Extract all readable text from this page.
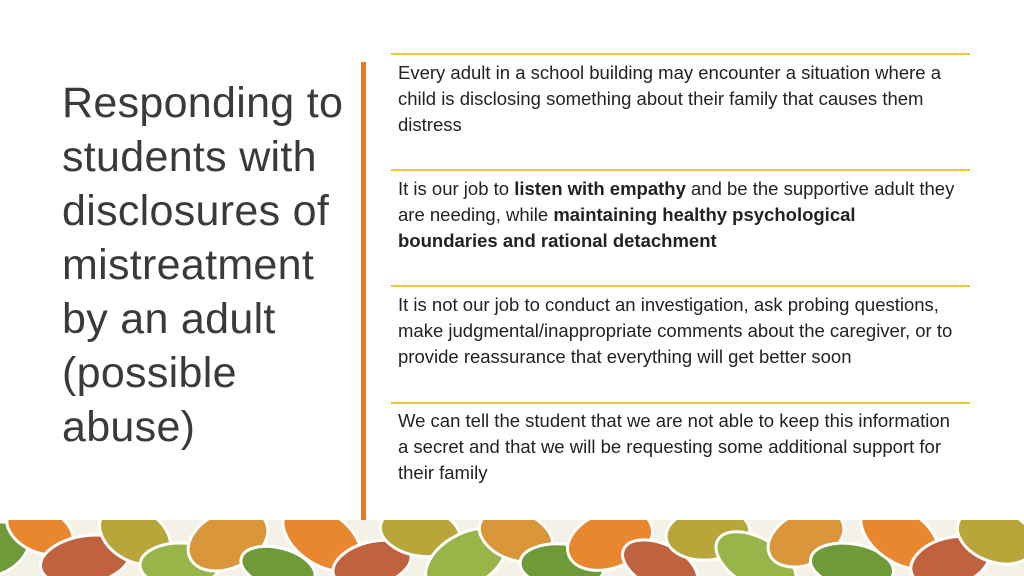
Responding to students with disclosures of mistreatment by an adult (possible abuse)
Every adult in a school building may encounter a situation where a child is disclosing something about their family that causes them distress
It is our job to listen with empathy and be the supportive adult they are needing, while maintaining healthy psychological boundaries and rational detachment
It is not our job to conduct an investigation, ask probing questions, make judgmental/inappropriate comments about the caregiver, or to provide reassurance that everything will get better soon
We can tell the student that we are not able to keep this information a secret and that we will be requesting some additional support for their family
